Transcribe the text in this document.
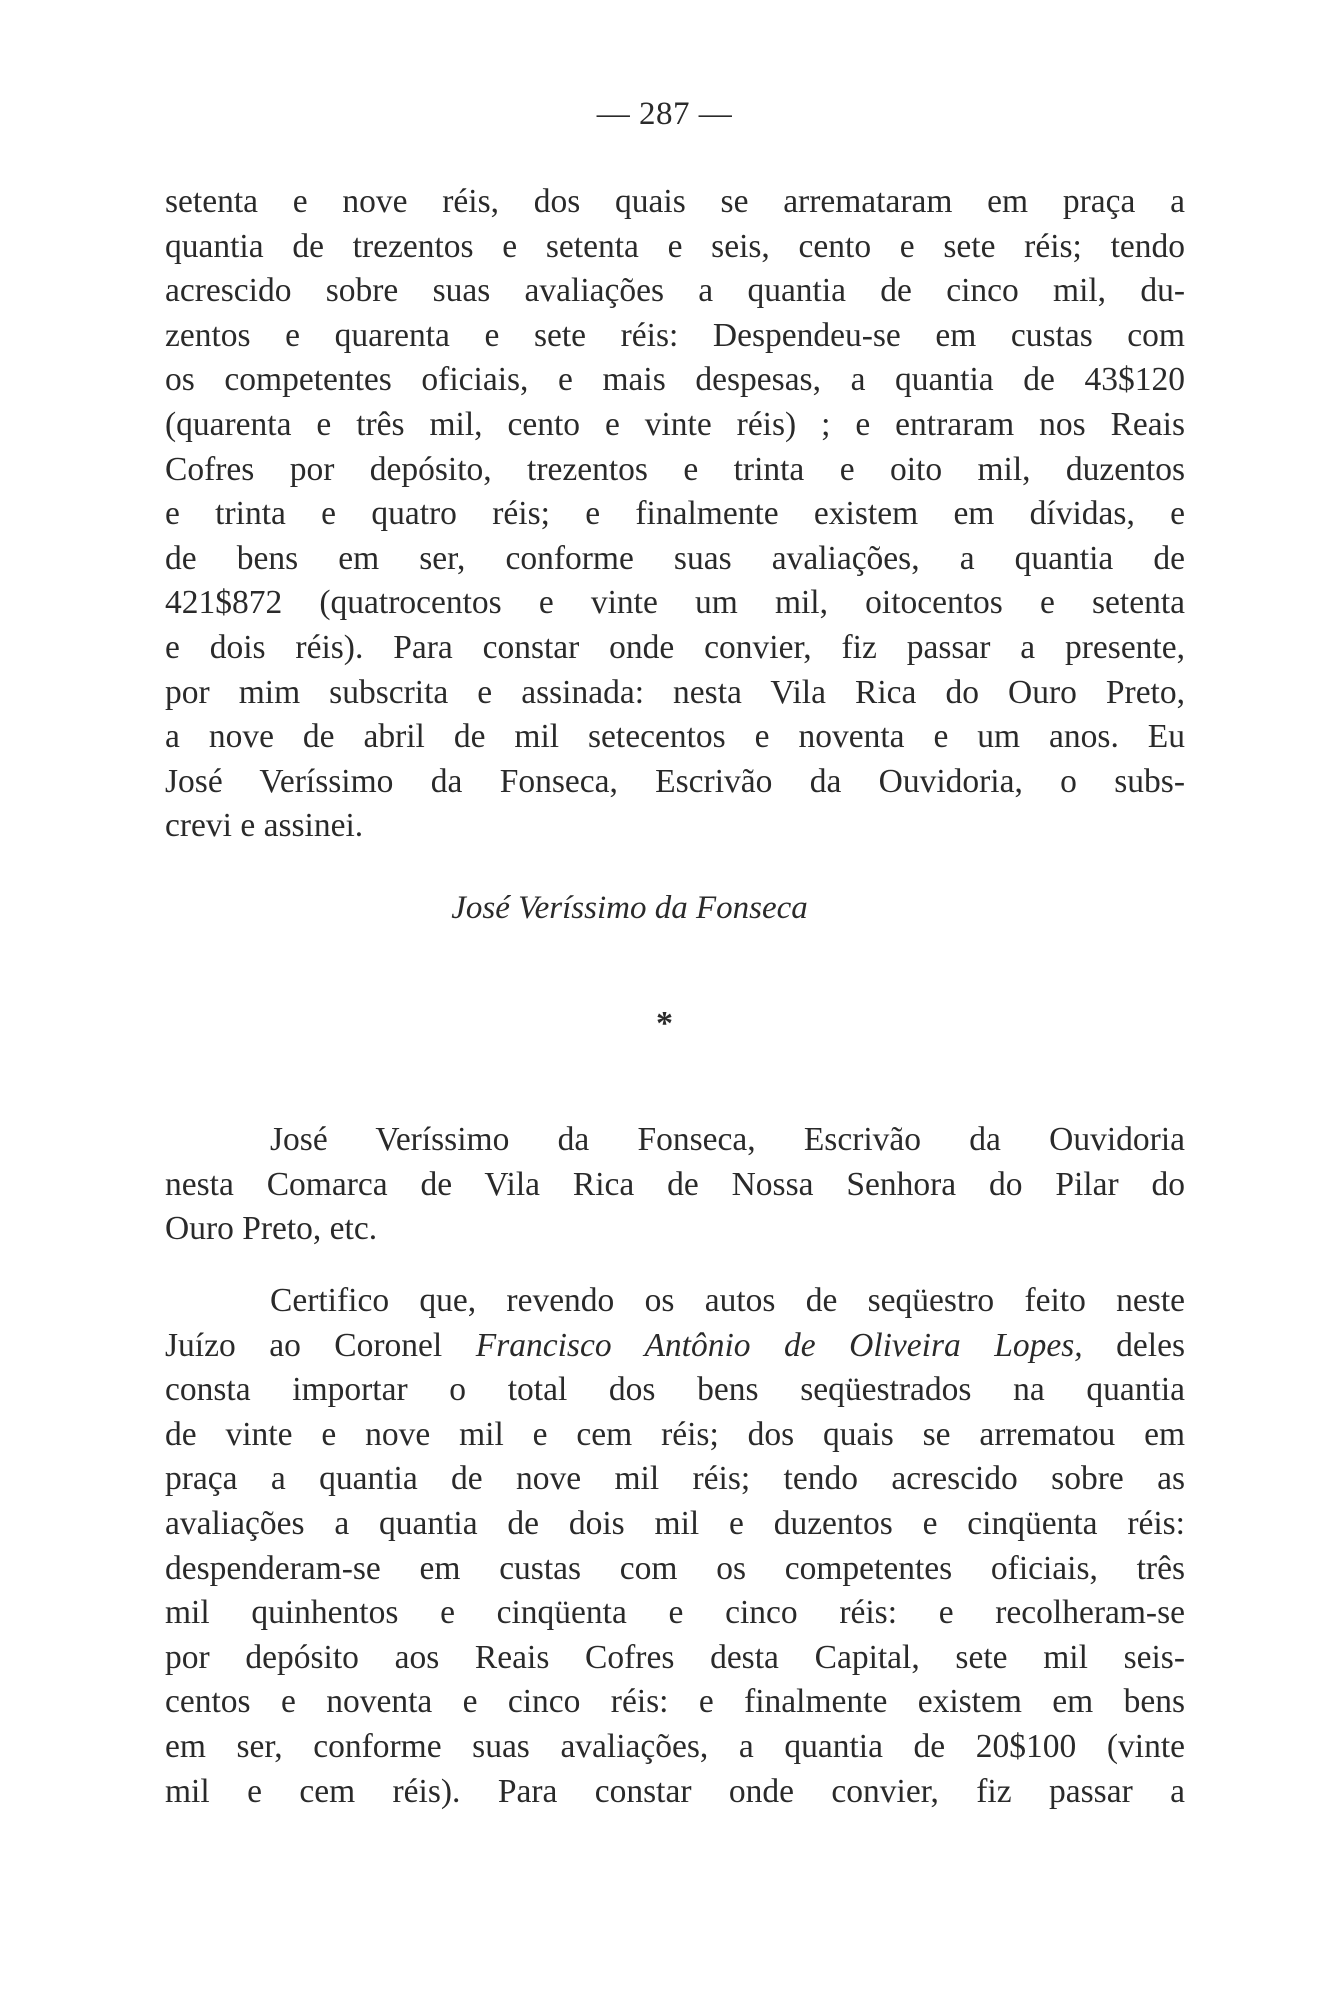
— 287 —
setenta e nove réis, dos quais se arremataram em praça a
quantia de trezentos e setenta e seis, cento e sete réis; tendo
acrescido sobre suas avaliações a quantia de cinco mil, du-
zentos e quarenta e sete réis: Despendeu-se em custas com
os competentes oficiais, e mais despesas, a quantia de 43$120
(quarenta e três mil, cento e vinte réis) ; e entraram nos Reais
Cofres por depósito, trezentos e trinta e oito mil, duzentos
e trinta e quatro réis; e finalmente existem em dívidas, e
de bens em ser, conforme suas avaliações, a quantia de
421$872 (quatrocentos e vinte um mil, oitocentos e setenta
e dois réis). Para constar onde convier, fiz passar a presente,
por mim subscrita e assinada: nesta Vila Rica do Ouro Preto,
a nove de abril de mil setecentos e noventa e um anos. Eu
José Veríssimo da Fonseca, Escrivão da Ouvidoria, o subs-
crevi e assinei.
José Veríssimo da Fonseca
*
José Veríssimo da Fonseca, Escrivão da Ouvidoria
nesta Comarca de Vila Rica de Nossa Senhora do Pilar do
Ouro Preto, etc.
Certifico que, revendo os autos de seqüestro feito neste
Juízo ao Coronel Francisco Antônio de Oliveira Lopes, deles
consta importar o total dos bens seqüestrados na quantia
de vinte e nove mil e cem réis; dos quais se arrematou em
praça a quantia de nove mil réis; tendo acrescido sobre as
avaliações a quantia de dois mil e duzentos e cinqüenta réis:
despenderam-se em custas com os competentes oficiais, três
mil quinhentos e cinqüenta e cinco réis: e recolheram-se
por depósito aos Reais Cofres desta Capital, sete mil seis-
centos e noventa e cinco réis: e finalmente existem em bens
em ser, conforme suas avaliações, a quantia de 20$100 (vinte
mil e cem réis). Para constar onde convier, fiz passar a
